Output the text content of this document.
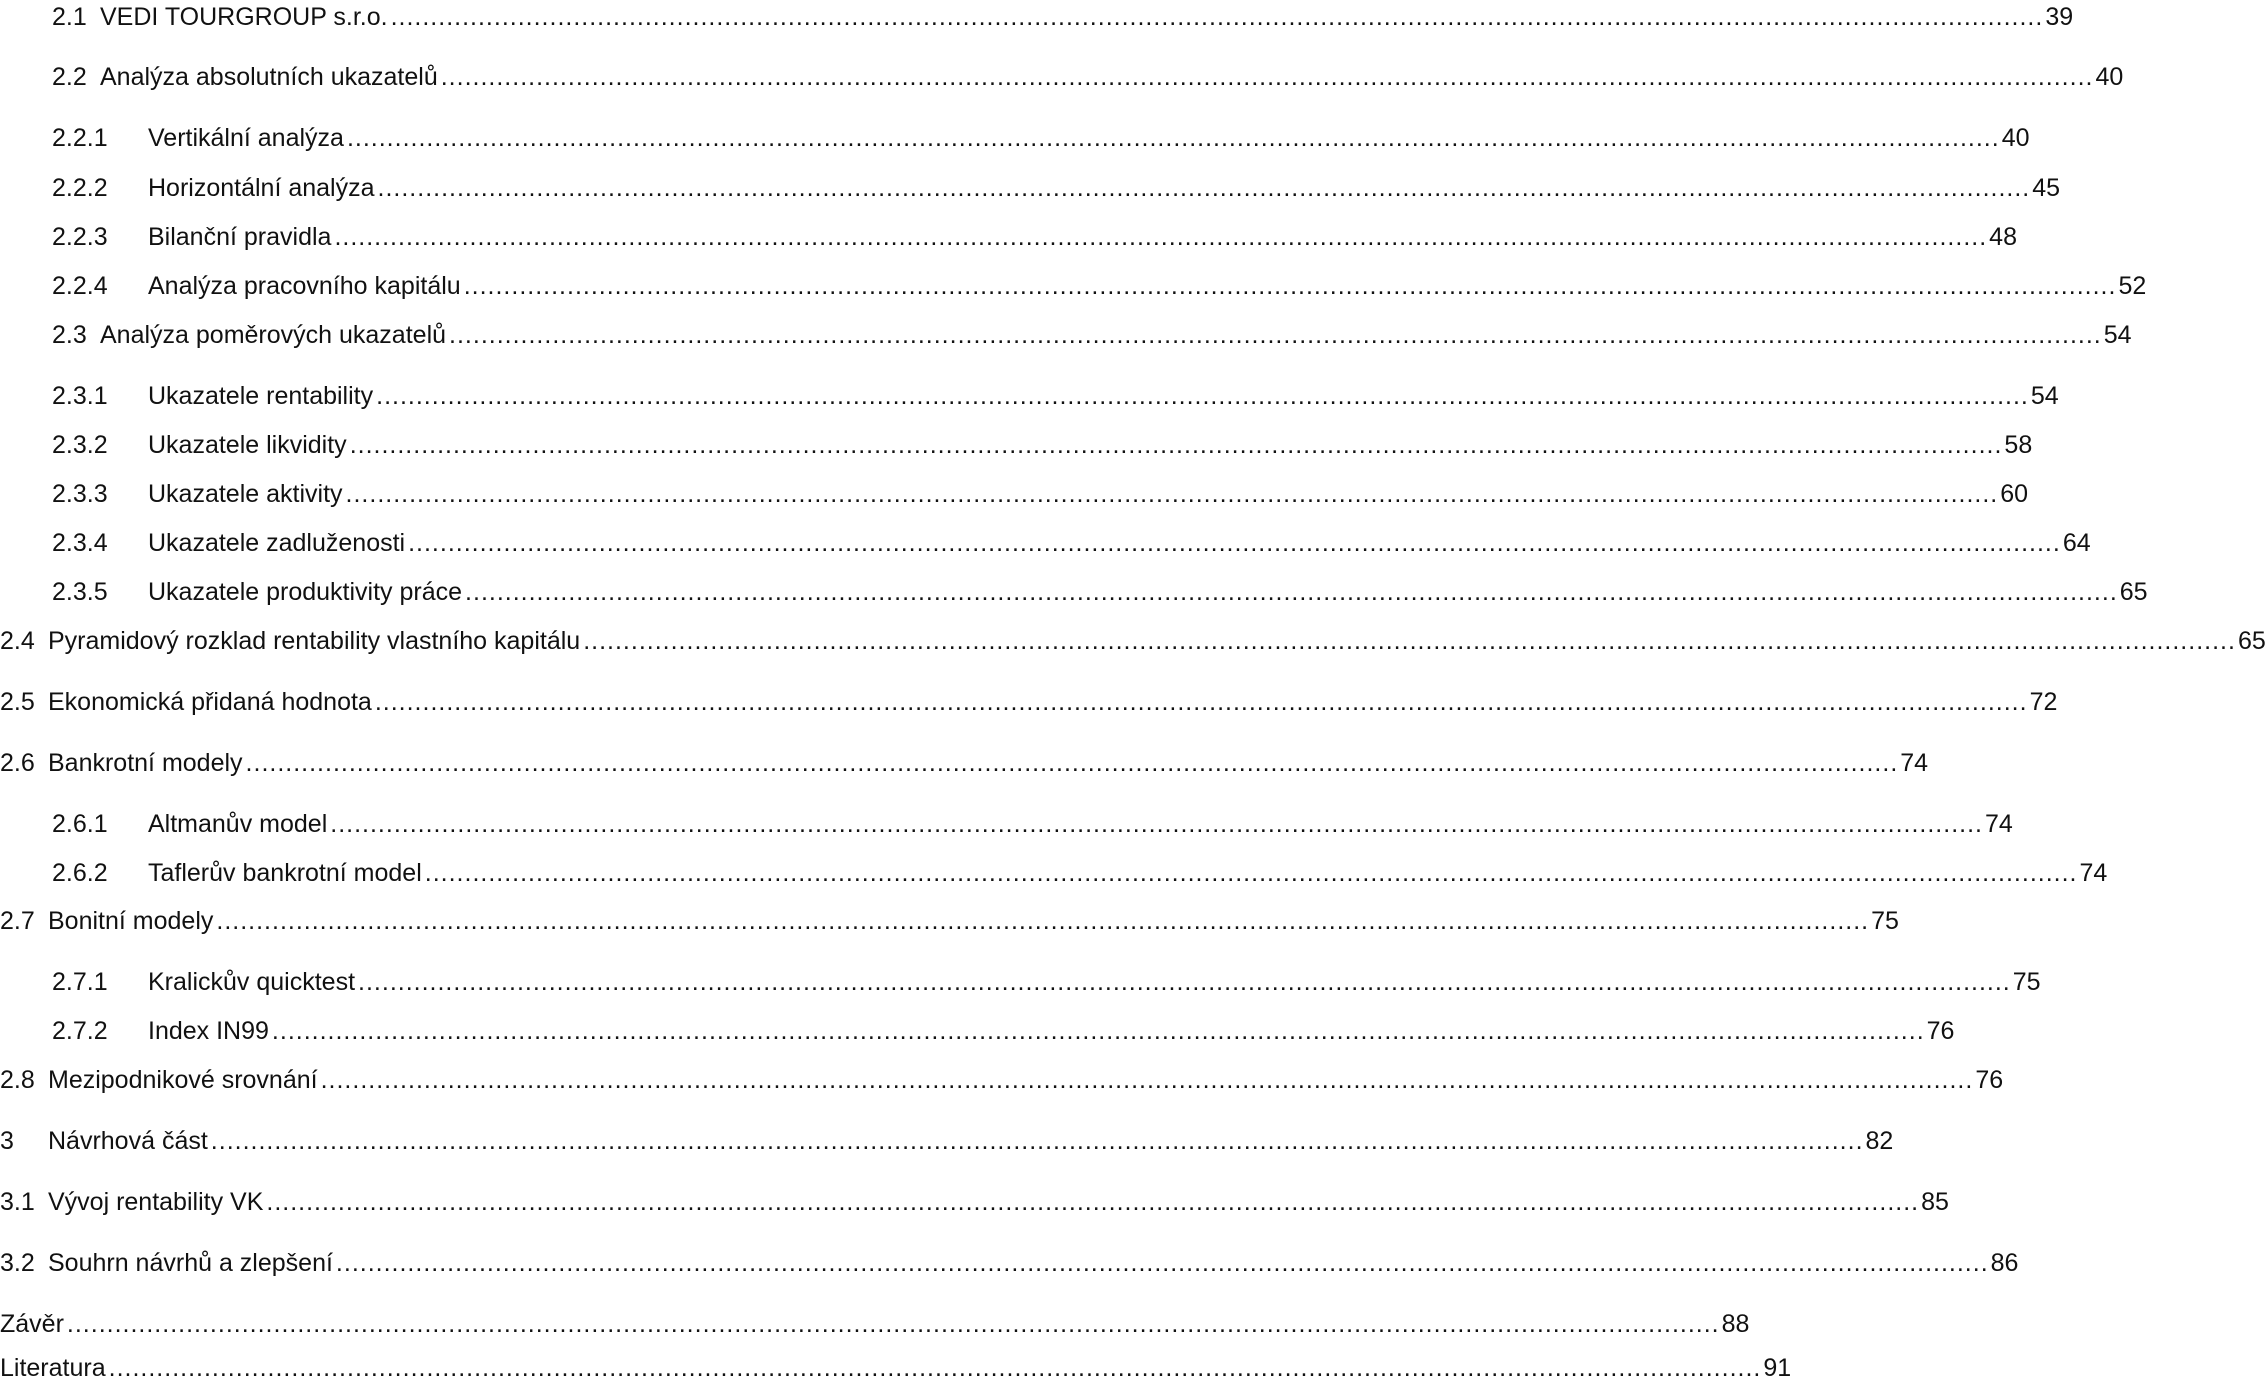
2.1 VEDI TOURGROUP s.r.o. .....	39
2.2 Analýza absolutních ukazatelů .....	40
2.2.1	Vertikální analýza .....	40
2.2.2	Horizontální analýza .....	45
2.2.3	Bilanční pravidla .....	48
2.2.4	Analýza pracovního kapitálu .....	52
2.3 Analýza poměrových ukazatelů .....	54
2.3.1	Ukazatele rentability .....	54
2.3.2	Ukazatele likvidity .....	58
2.3.3	Ukazatele aktivity .....	60
2.3.4	Ukazatele zadluženosti .....	64
2.3.5	Ukazatele produktivity práce .....	65
2.4 Pyramidový rozklad rentability vlastního kapitálu .....	65
2.5 Ekonomická přidaná hodnota .....	72
2.6 Bankrotní modely .....	74
2.6.1	Altmanův model .....	74
2.6.2	Taflerův bankrotní model .....	74
2.7 Bonitní modely .....	75
2.7.1	Kralickův quicktest .....	75
2.7.2	Index IN99 .....	76
2.8 Mezipodnikové srovnání .....	76
3	Návrhová část .....	82
3.1 Vývoj rentability VK .....	85
3.2 Souhrn návrhů a zlepšení .....	86
Závěr .....	88
Literatura .....	91
